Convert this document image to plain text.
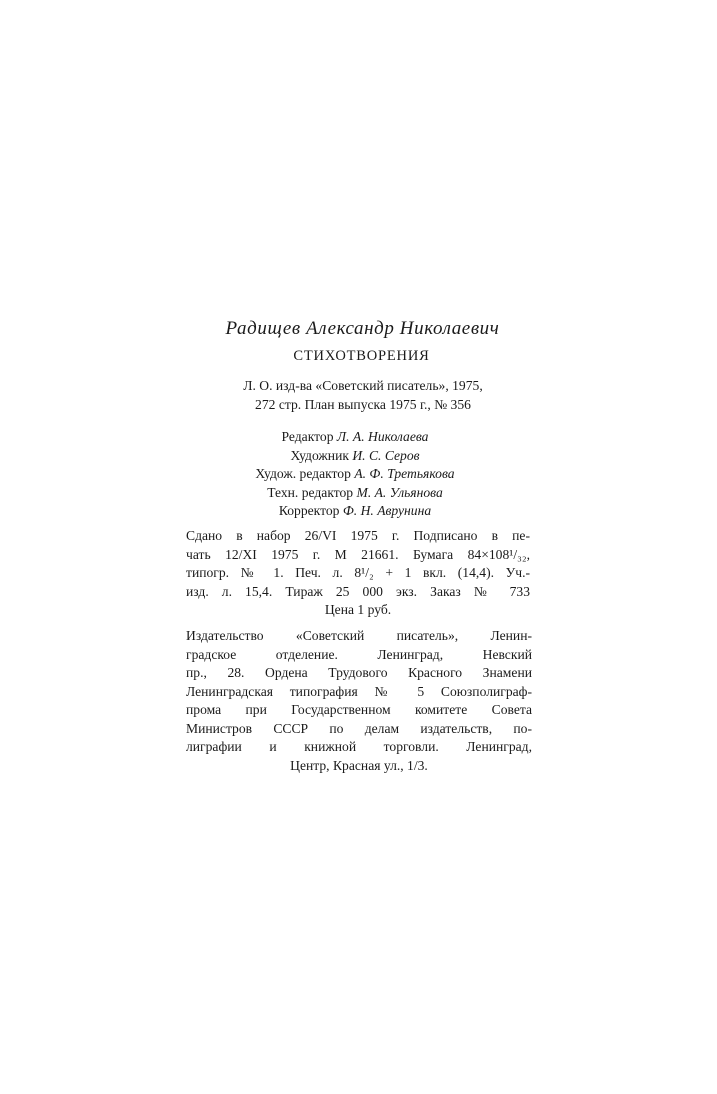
Радищев Александр Николаевич
СТИХОТВОРЕНИЯ
Л. О. изд-ва «Советский писатель», 1975,
272 стр. План выпуска 1975 г., № 356
Редактор Л. А. Николаева
Художник И. С. Серов
Худож. редактор А. Ф. Третьякова
Техн. редактор М. А. Ульянова
Корректор Ф. Н. Аврунина
Сдано в набор 26/VI 1975 г. Подписано в пе-
чать 12/XI 1975 г. М 21661. Бумага 84×108¹/₃₂,
типогр. № 1. Печ. л. 8¹/₂ + 1 вкл. (14,4). Уч.-
изд. л. 15,4. Тираж 25 000 экз. Заказ № 733
Цена 1 руб.
Издательство «Советский писатель», Ленин-
градское отделение. Ленинград, Невский
пр., 28. Ордена Трудового Красного Знамени
Ленинградская типография № 5 Союзполиграф-
прома при Государственном комитете Совета
Министров СССР по делам издательств, по-
лиграфии и книжной торговли. Ленинград,
Центр, Красная ул., 1/3.
